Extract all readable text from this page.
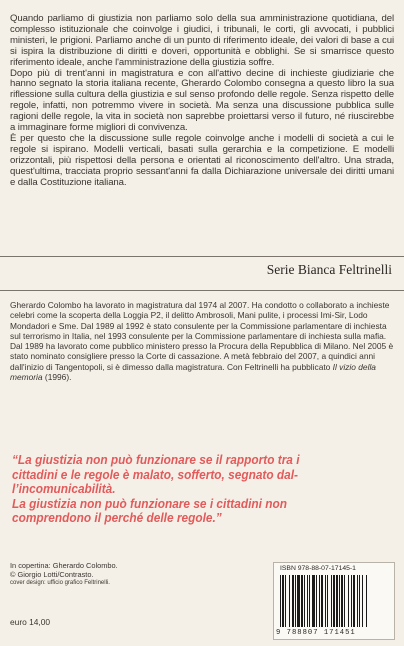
Quando parliamo di giustizia non parliamo solo della sua amministrazione quotidiana, del complesso istituzionale che coinvolge i giudici, i tribunali, le corti, gli avvocati, i pubblici ministeri, le prigioni. Parliamo anche di un punto di riferimento ideale, dei valori di base a cui si ispira la distribuzione di diritti e doveri, opportunità e obblighi. Se si smarrisce questo riferimento ideale, anche l'amministrazione della giustizia soffre.

Dopo più di trent'anni in magistratura e con all'attivo decine di inchieste giudiziarie che hanno segnato la storia italiana recente, Gherardo Colombo consegna a questo libro la sua riflessione sulla cultura della giustizia e sul senso profondo delle regole. Senza rispetto delle regole, infatti, non potremmo vivere in società. Ma senza una discussione pubblica sulle ragioni delle regole, la vita in società non saprebbe proiettarsi verso il futuro, né riuscirebbe a immaginare forme migliori di convivenza.

È per questo che la discussione sulle regole coinvolge anche i modelli di società a cui le regole si ispirano. Modelli verticali, basati sulla gerarchia e la competizione. E modelli orizzontali, più rispettosi della persona e orientati al riconoscimento dell'altro. Una strada, quest'ultima, tracciata proprio sessant'anni fa dalla Dichiarazione universale dei diritti umani e dalla Costituzione italiana.

Serie Bianca Feltrinelli

Gherardo Colombo ha lavorato in magistratura dal 1974 al 2007. Ha condotto o collaborato a inchieste celebri come la scoperta della Loggia P2, il delitto Ambrosoli, Mani pulite, i processi Imi-Sir, Lodo Mondadori e Sme. Dal 1989 al 1992 è stato consulente per la Commissione parlamentare di inchiesta sul terrorismo in Italia, nel 1993 consulente per la Commissione parlamentare di inchiesta sulla mafia. Dal 1989 ha lavorato come pubblico ministero presso la Procura della Repubblica di Milano. Nel 2005 è stato nominato consigliere presso la Corte di cassazione. A metà febbraio del 2007, a quindici anni dall'inizio di Tangentopoli, si è dimesso dalla magistratura. Con Feltrinelli ha pubblicato Il vizio della memoria (1996).

“La giustizia non può funzionare se il rapporto tra i

cittadini e le regole è malato, sofferto, segnato dal-

l’incomunicabilità.

La giustizia non può funzionare se i cittadini non

comprendono il perché delle regole.”

In copertina: Gherardo Colombo.
© Giorgio Lotti/Contrasto.
cover design: ufficio grafico Feltrinelli.
euro 14,00
ISBN 978-88-07-17145-1
9 788807 171451
